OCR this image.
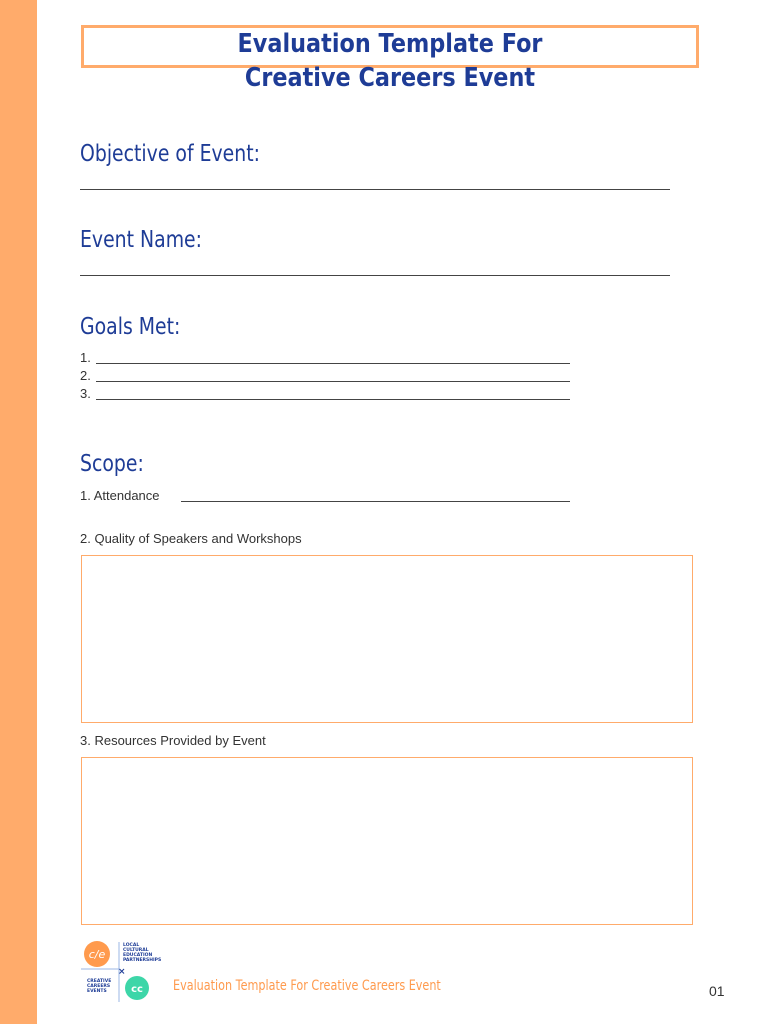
Evaluation Template For
Creative Careers Event
Objective of Event:
Event Name:
Goals Met:
1.
2.
3.
Scope:
1. Attendance
2. Quality of Speakers and Workshops
3. Resources Provided by Event
c/e
LOCAL
CULTURAL
EDUCATION
PARTNERSHIPS
×
CREATIVE
CAREERS
EVENTS cc Evaluation Template For Creative Careers Event	01
